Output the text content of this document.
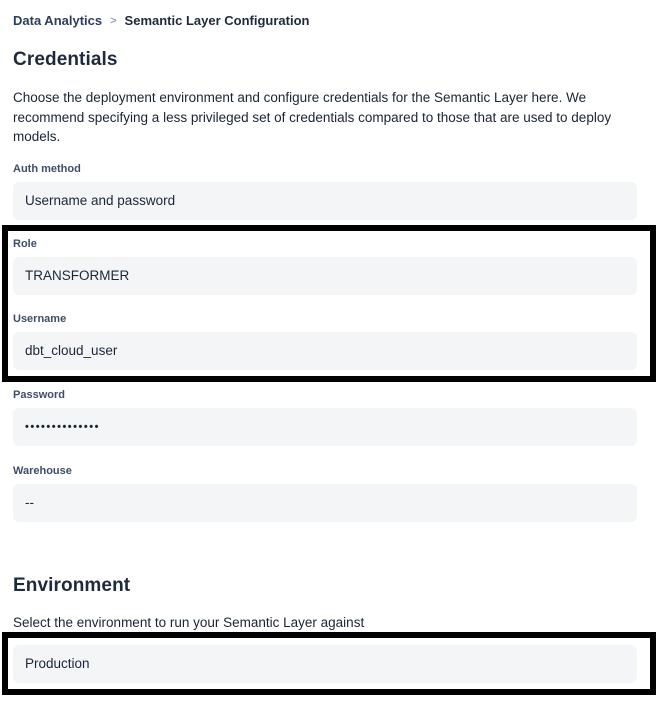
Data Analytics > Semantic Layer Configuration
Credentials

Choose the deployment environment and configure credentials for the Semantic Layer here. We recommend specifying a less privileged set of credentials compared to those that are used to deploy models.

Auth method
Username and password
Role
TRANSFORMER
Username
dbt_cloud_user
Password
••••••••••••••
Warehouse
--
Environment

Select the environment to run your Semantic Layer against

Production
